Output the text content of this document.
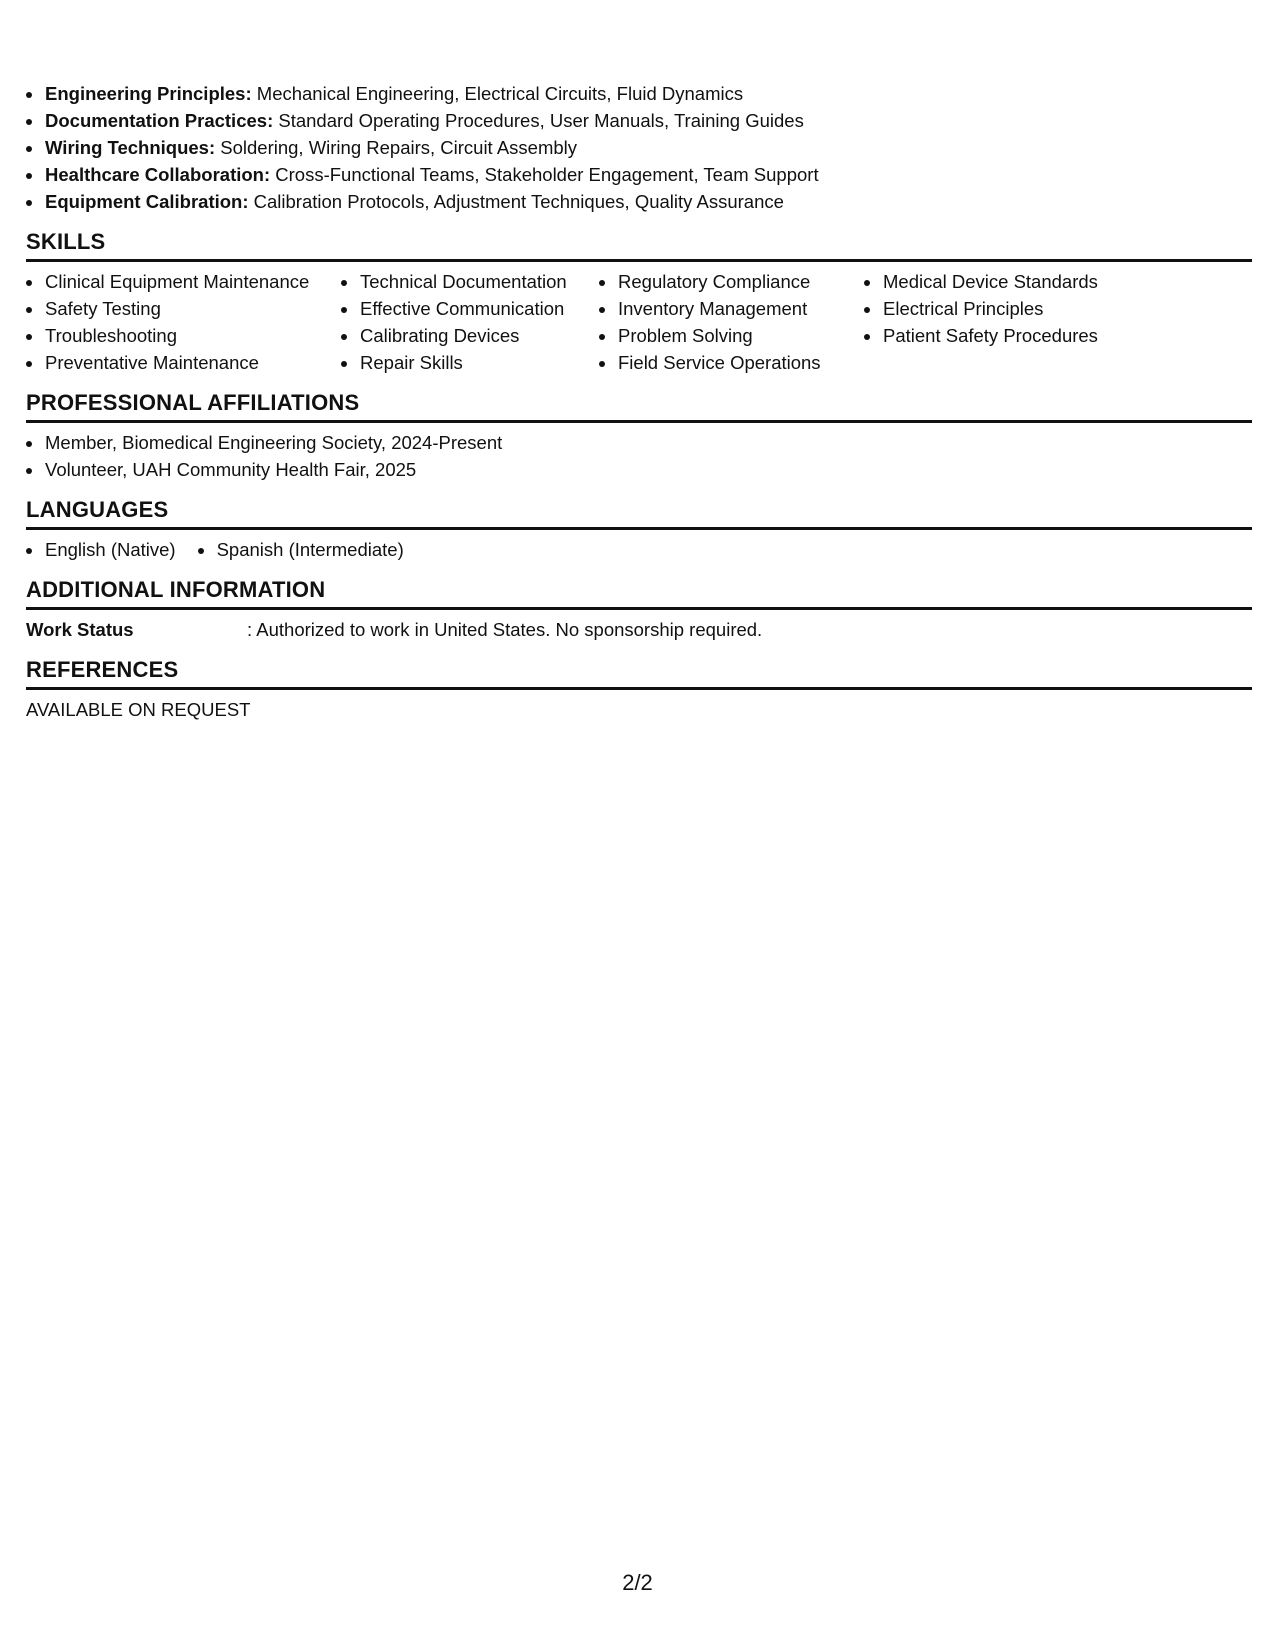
• Engineering Principles: Mechanical Engineering, Electrical Circuits, Fluid Dynamics
• Documentation Practices: Standard Operating Procedures, User Manuals, Training Guides
• Wiring Techniques: Soldering, Wiring Repairs, Circuit Assembly
• Healthcare Collaboration: Cross-Functional Teams, Stakeholder Engagement, Team Support
• Equipment Calibration: Calibration Protocols, Adjustment Techniques, Quality Assurance
SKILLS
• Clinical Equipment Maintenance
• Safety Testing
• Troubleshooting
• Preventative Maintenance
• Technical Documentation
• Effective Communication
• Calibrating Devices
• Repair Skills
• Regulatory Compliance
• Inventory Management
• Problem Solving
• Field Service Operations
• Medical Device Standards
• Electrical Principles
• Patient Safety Procedures
PROFESSIONAL AFFILIATIONS
• Member, Biomedical Engineering Society, 2024-Present
• Volunteer, UAH Community Health Fair, 2025
LANGUAGES
• English (Native)
• Spanish (Intermediate)
ADDITIONAL INFORMATION
Work Status	: Authorized to work in United States. No sponsorship required.
REFERENCES
AVAILABLE ON REQUEST
2/2
